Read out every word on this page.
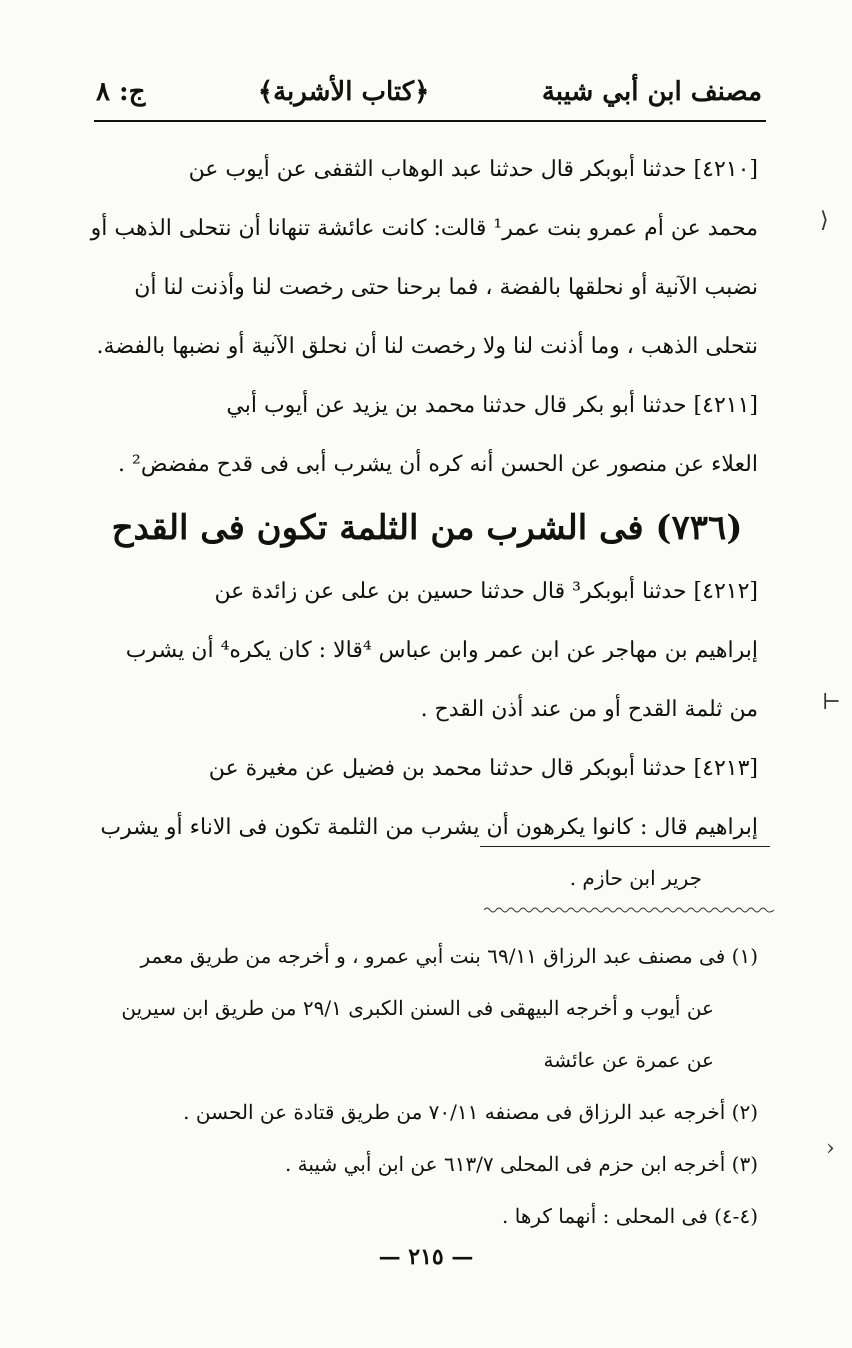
مصنف ابن أبي شيبة
﴿كتاب الأشربة﴾
ج: ٨
[٤٢١٠] حدثنا أبوبكر قال حدثنا عبد الوهاب الثقفى عن أيوب عن
محمد عن أم عمرو بنت عمر¹ قالت: كانت عائشة تنهانا أن نتحلى الذهب أو
نضبب الآنية أو نحلقها بالفضة ، فما برحنا حتى رخصت لنا وأذنت لنا أن
نتحلى الذهب ، وما أذنت لنا ولا رخصت لنا أن نحلق الآنية أو نضبها بالفضة.
[٤٢١١] حدثنا أبو بكر قال حدثنا محمد بن يزيد عن أيوب أبي
العلاء عن منصور عن الحسن أنه كره أن يشرب أبى فى قدح مفضض² .
(٧٣٦) فى الشرب من الثلمة تكون فى القدح
[٤٢١٢] حدثنا أبوبكر³ قال حدثنا حسين بن على عن زائدة عن
إبراهيم بن مهاجر عن ابن عمر وابن عباس ⁴قالا : كان يكره⁴ أن يشرب
من ثلمة القدح أو من عند أذن القدح .
[٤٢١٣] حدثنا أبوبكر قال حدثنا محمد بن فضيل عن مغيرة عن
إبراهيم قال : كانوا يكرهون أن يشرب من الثلمة تكون فى الاناء أو يشرب
جرير ابن حازم .
(١) فى مصنف عبد الرزاق ٦٩/١١ بنت أبي عمرو ، و أخرجه من طريق معمر
عن أيوب و أخرجه البيهقى فى السنن الكبرى ٢٩/١ من طريق ابن سيرين
عن عمرة عن عائشة
(٢) أخرجه عبد الرزاق فى مصنفه ٧٠/١١ من طريق قتادة عن الحسن .
(٣) أخرجه ابن حزم فى المحلى ٦١٣/٧ عن ابن أبي شيبة .
(٤-٤) فى المحلى : أنهما كرها .
— ٢١٥ —
⟩
⊢
›
